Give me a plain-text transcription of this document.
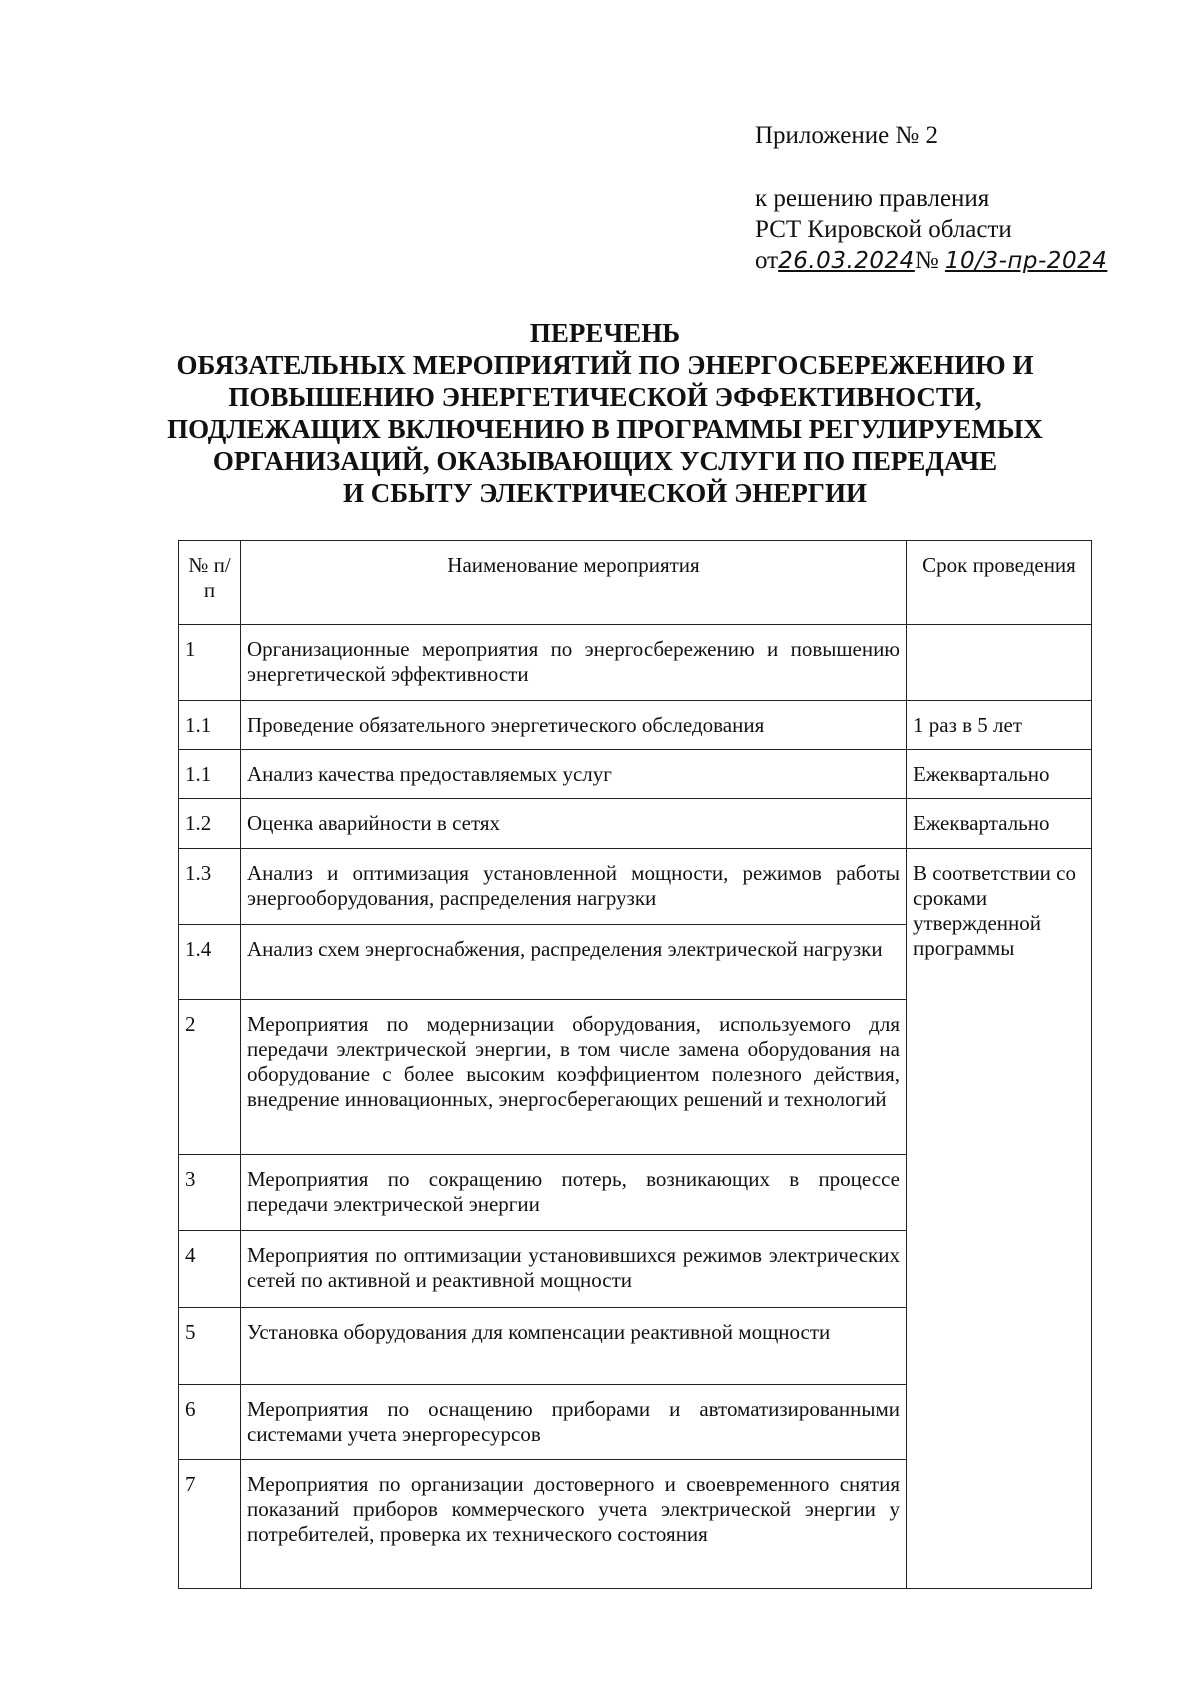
Приложение № 2
к решению правления
РСТ Кировской области
от26.03.2024№ 10/3-пр-2024
ПЕРЕЧЕНЬ
ОБЯЗАТЕЛЬНЫХ МЕРОПРИЯТИЙ ПО ЭНЕРГОСБЕРЕЖЕНИЮ И
ПОВЫШЕНИЮ ЭНЕРГЕТИЧЕСКОЙ ЭФФЕКТИВНОСТИ,
ПОДЛЕЖАЩИХ ВКЛЮЧЕНИЮ В ПРОГРАММЫ РЕГУЛИРУЕМЫХ
ОРГАНИЗАЦИЙ, ОКАЗЫВАЮЩИХ УСЛУГИ ПО ПЕРЕДАЧЕ
И СБЫТУ ЭЛЕКТРИЧЕСКОЙ ЭНЕРГИИ
№ п/п	Наименование мероприятия	Срок проведения
1	Организационные мероприятия по энергосбережению и повышению энергетической эффективности	
1.1	Проведение обязательного энергетического обследования	1 раз в 5 лет
1.1	Анализ качества предоставляемых услуг	Ежеквартально
1.2	Оценка аварийности в сетях	Ежеквартально
1.3	Анализ и оптимизация установленной мощности, режимов работы энергооборудования, распределения нагрузки	В соответствии со сроками утвержденной программы
1.4	Анализ схем энергоснабжения, распределения электрической нагрузки	
2	Мероприятия по модернизации оборудования, используемого для передачи электрической энергии, в том числе замена оборудования на оборудование с более высоким коэффициентом полезного действия, внедрение инновационных, энергосберегающих решений и технологий	
3	Мероприятия по сокращению потерь, возникающих в процессе передачи электрической энергии	
4	Мероприятия по оптимизации установившихся режимов электрических сетей по активной и реактивной мощности	
5	Установка оборудования для компенсации реактивной мощности	
6	Мероприятия по оснащению приборами и автоматизированными системами учета энергоресурсов	
7	Мероприятия по организации достоверного и своевременного снятия показаний приборов коммерческого учета электрической энергии у потребителей, проверка их технического состояния	
